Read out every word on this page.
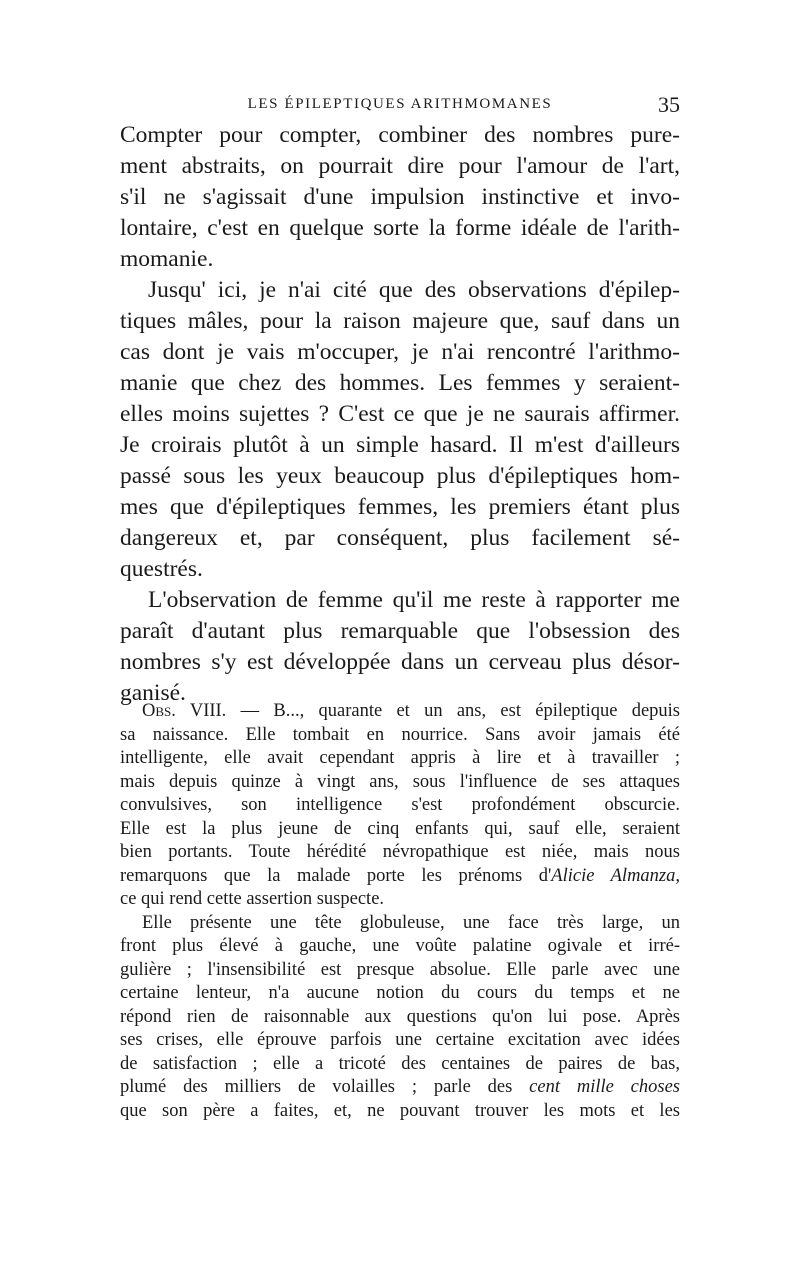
LES ÉPILEPTIQUES ARITHMOMANES	35
Compter pour compter, combiner des nombres pure-
ment abstraits, on pourrait dire pour l'amour de l'art,
s'il ne s'agissait d'une impulsion instinctive et invo-
lontaire, c'est en quelque sorte la forme idéale de l'arith-
momanie.
Jusqu' ici, je n'ai cité que des observations d'épilep-
tiques mâles, pour la raison majeure que, sauf dans un
cas dont je vais m'occuper, je n'ai rencontré l'arithmo-
manie que chez des hommes. Les femmes y seraient-
elles moins sujettes ? C'est ce que je ne saurais affirmer.
Je croirais plutôt à un simple hasard. Il m'est d'ailleurs
passé sous les yeux beaucoup plus d'épileptiques hom-
mes que d'épileptiques femmes, les premiers étant plus
dangereux et, par conséquent, plus facilement sé-
questrés.
L'observation de femme qu'il me reste à rapporter me
paraît d'autant plus remarquable que l'obsession des
nombres s'y est développée dans un cerveau plus désor-
ganisé.
Obs. VIII. — B..., quarante et un ans, est épileptique depuis
sa naissance. Elle tombait en nourrice. Sans avoir jamais été
intelligente, elle avait cependant appris à lire et à travailler ;
mais depuis quinze à vingt ans, sous l'influence de ses attaques
convulsives, son intelligence s'est profondément obscurcie.
Elle est la plus jeune de cinq enfants qui, sauf elle, seraient
bien portants. Toute hérédité névropathique est niée, mais nous
remarquons que la malade porte les prénoms d'Alicie Almanza,
ce qui rend cette assertion suspecte.
Elle présente une tête globuleuse, une face très large, un
front plus élevé à gauche, une voûte palatine ogivale et irré-
gulière ; l'insensibilité est presque absolue. Elle parle avec une
certaine lenteur, n'a aucune notion du cours du temps et ne
répond rien de raisonnable aux questions qu'on lui pose. Après
ses crises, elle éprouve parfois une certaine excitation avec idées
de satisfaction ; elle a tricoté des centaines de paires de bas,
plumé des milliers de volailles ; parle des cent mille choses
que son père a faites, et, ne pouvant trouver les mots et les
